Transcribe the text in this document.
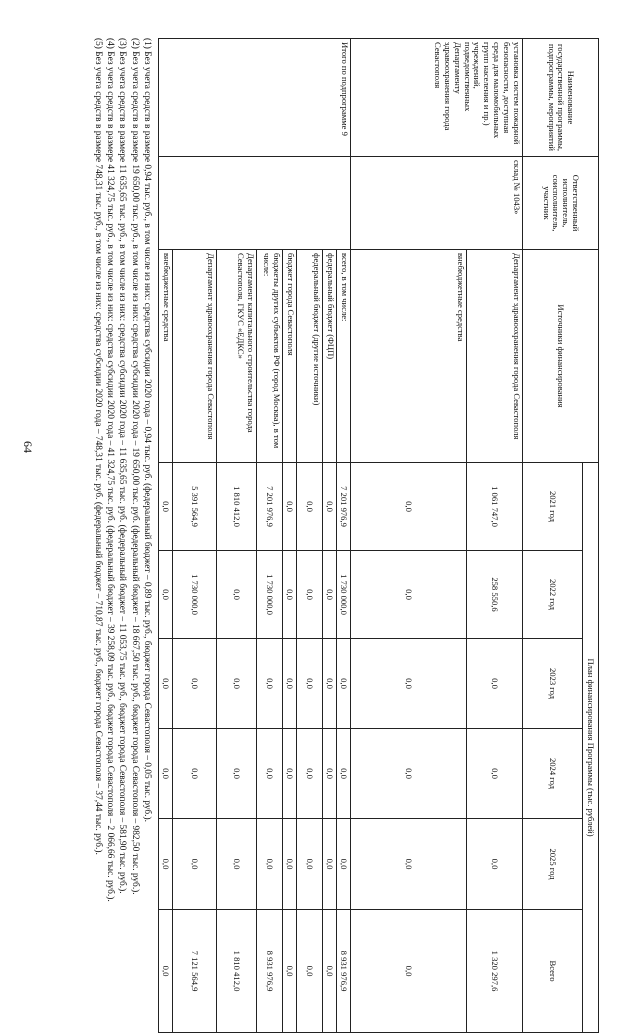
64
Наименование государственной программы, подпрограммы, мероприятий	Ответственный исполнитель, соисполнитель, участник	Источники финансирования	План финансирования Программы (тыс. рублей)					
			2021 год	2022 год	2023 год	2024 год	2025 год	Всего
установка систем пожарной безопасности, доступная среда для маломобильных групп населения и пр.) учреждений, подведомственных Департаменту здравоохранения города Севастополя	склад № 1043»	Департамент здравоохранения города Севастополя	1 061 747,0	258 550,6	0,0	0,0	0,0	1 320 297,6
		внебюджетные средства	0,0	0,0	0,0	0,0	0,0	0,0
Итого по подпрограмме 9		всего, в том числе:	7 201 976,9	1 730 000,0	0,0	0,0	0,0	8 931 976,9
		федеральный бюджет (ФЦП)	0,0	0,0	0,0	0,0	0,0	0,0
		федеральный бюджет (другие источники)	0,0	0,0	0,0	0,0	0,0	0,0
		бюджет города Севастополя	0,0	0,0	0,0	0,0	0,0	0,0
		бюджеты других субъектов РФ (город Москва), в том числе:	7 201 976,9	1 730 000,0	0,0	0,0	0,0	8 931 976,9
		Департамент капитального строительства города Севастополя, ГКУС «ЕДКС»	1 810 412,0	0,0	0,0	0,0	0,0	1 810 412,0
		Департамент здравоохранения города Севастополя	5 391 564,9	1 730 000,0	0,0	0,0	0,0	7 121 564,9
		внебюджетные средства	0,0	0,0	0,0	0,0	0,0	0,0

(1) Без учета средств в размере 0,94 тыс. руб., в том числе из них: средства субсидии 2020 года – 0,94 тыс. руб. (федеральный бюджет – 0,89 тыс. руб., бюджет города Севастополя – 0,05 тыс. руб.).

(2) Без учета средств в размере 19 650,00 тыс. руб., в том числе из них: средства субсидии 2020 года – 19 650,00 тыс. руб. (федеральный бюджет – 18 667,50 тыс. руб., бюджет города Севастополя – 982,50 тыс. руб.).

(3) Без учета средств в размере 11 635,65 тыс. руб., в том числе из них: средства субсидии 2020 года – 11 635,65 тыс. руб. (федеральный бюджет – 11 053,75 тыс. руб., бюджет города Севастополя – 581,90 тыс. руб.).

(4) Без учета средств в размере 41 324,75 тыс. руб., в том числе из них: средства субсидии 2020 года – 41 324,75 тыс. руб. (федеральный бюджет – 39 258,09 тыс. руб., бюджет города Севастополя – 2 066,66 тыс. руб.).

(5) Без учета средств в размере 748,31 тыс. руб., в том числе из них: средства субсидии 2020 года – 748,31 тыс. руб. (федеральный бюджет – 710,87 тыс. руб., бюджет города Севастополя – 37,44 тыс. руб.).
